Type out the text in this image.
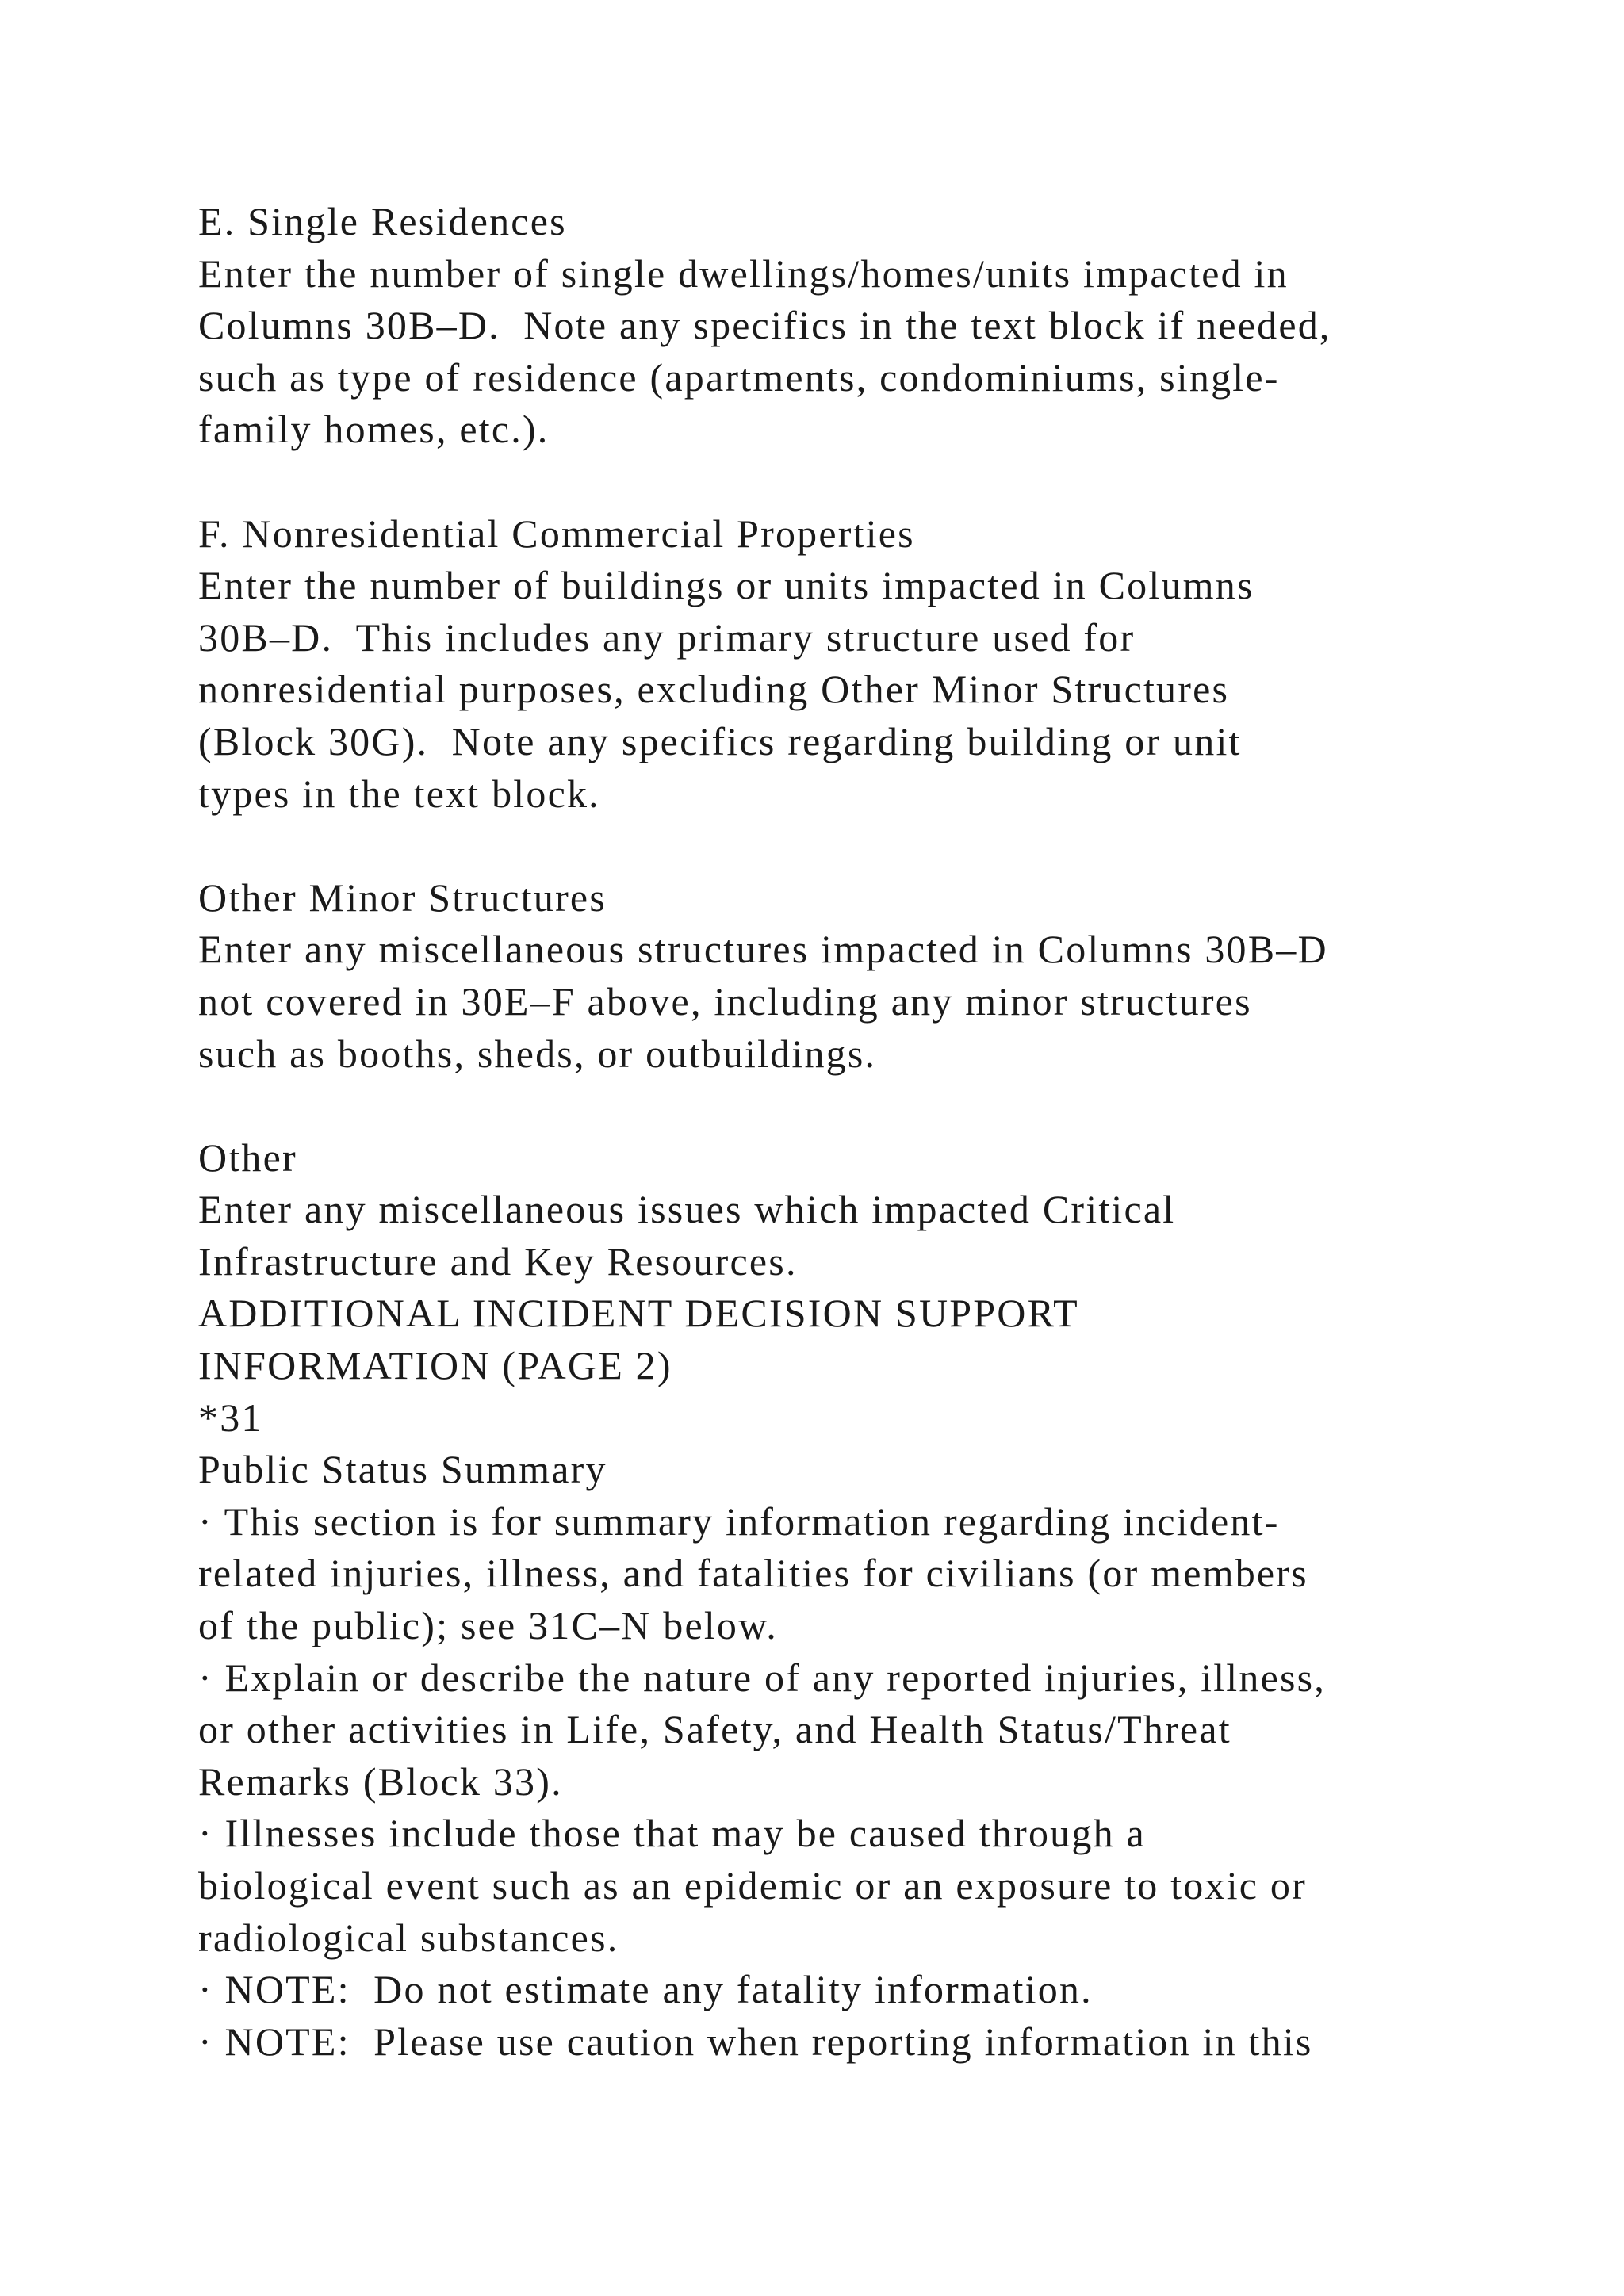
E. Single Residences
Enter the number of single dwellings/homes/units impacted in
Columns 30B–D.  Note any specifics in the text block if needed,
such as type of residence (apartments, condominiums, single-
family homes, etc.).
F. Nonresidential Commercial Properties
Enter the number of buildings or units impacted in Columns
30B–D.  This includes any primary structure used for
nonresidential purposes, excluding Other Minor Structures
(Block 30G).  Note any specifics regarding building or unit
types in the text block.
Other Minor Structures
Enter any miscellaneous structures impacted in Columns 30B–D
not covered in 30E–F above, including any minor structures
such as booths, sheds, or outbuildings.
Other
Enter any miscellaneous issues which impacted Critical
Infrastructure and Key Resources.
ADDITIONAL INCIDENT DECISION SUPPORT
INFORMATION (PAGE 2)
*31
Public Status Summary
· This section is for summary information regarding incident-
related injuries, illness, and fatalities for civilians (or members
of the public); see 31C–N below.
· Explain or describe the nature of any reported injuries, illness,
or other activities in Life, Safety, and Health Status/Threat
Remarks (Block 33).
· Illnesses include those that may be caused through a
biological event such as an epidemic or an exposure to toxic or
radiological substances.
· NOTE:  Do not estimate any fatality information.
· NOTE:  Please use caution when reporting information in this
